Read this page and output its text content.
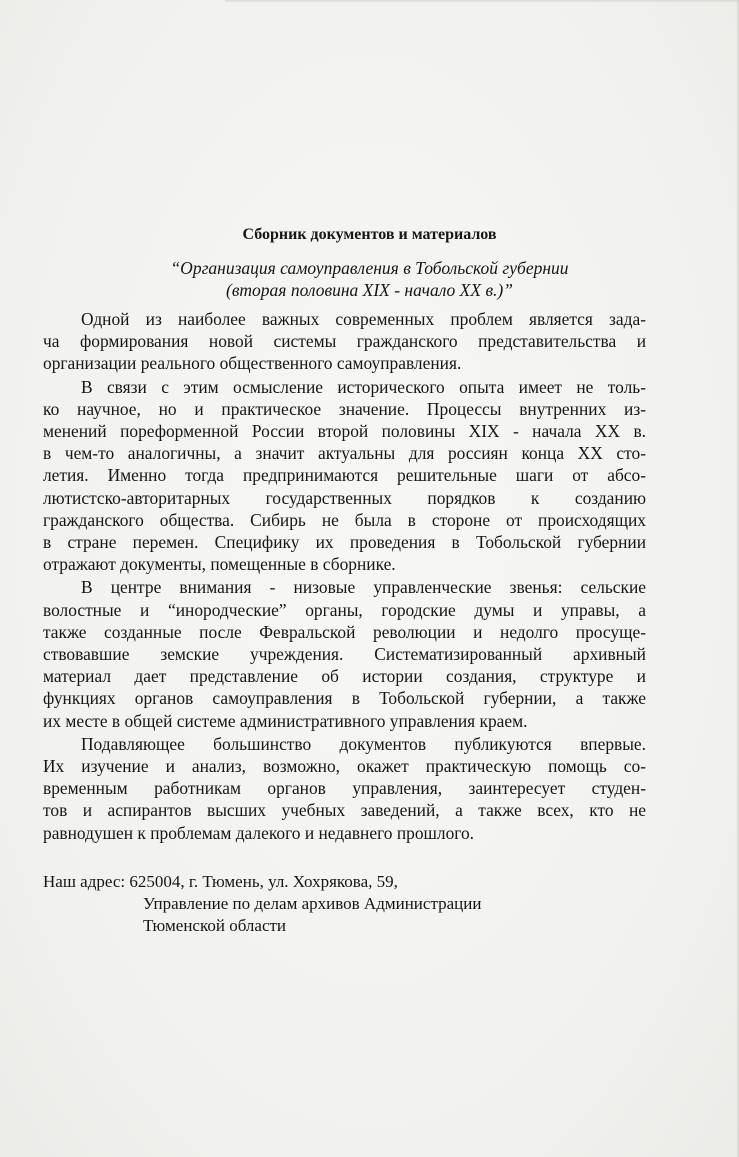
Сборник документов и материалов

“Организация самоуправления в Тобольской губернии
(вторая половина XIX - начало XX в.)”

Одной из наиболее важных современных проблем является зада-
ча формирования новой системы гражданского представительства и
организации реального общественного самоуправления.

В связи с этим осмысление исторического опыта имеет не толь-
ко научное, но и практическое значение. Процессы внутренних из-
менений пореформенной России второй половины XIX - начала XX в.
в чем-то аналогичны, а значит актуальны для россиян конца XX сто-
летия. Именно тогда предпринимаются решительные шаги от абсо-
лютистско-авторитарных государственных порядков к созданию
гражданского общества. Сибирь не была в стороне от происходящих
в стране перемен. Специфику их проведения в Тобольской губернии
отражают документы, помещенные в сборнике.

В центре внимания - низовые управленческие звенья: сельские
волостные и “инородческие” органы, городские думы и управы, а
также созданные после Февральской революции и недолго просуще-
ствовавшие земские учреждения. Систематизированный архивный
материал дает представление об истории создания, структуре и
функциях органов самоуправления в Тобольской губернии, а также
их месте в общей системе административного управления краем.

Подавляющее большинство документов публикуются впервые.
Их изучение и анализ, возможно, окажет практическую помощь со-
временным работникам органов управления, заинтересует студен-
тов и аспирантов высших учебных заведений, а также всех, кто не
равнодушен к проблемам далекого и недавнего прошлого.

Наш адрес: 625004, г. Тюмень, ул. Хохрякова, 59,
Управление по делам архивов Администрации
Тюменской области
